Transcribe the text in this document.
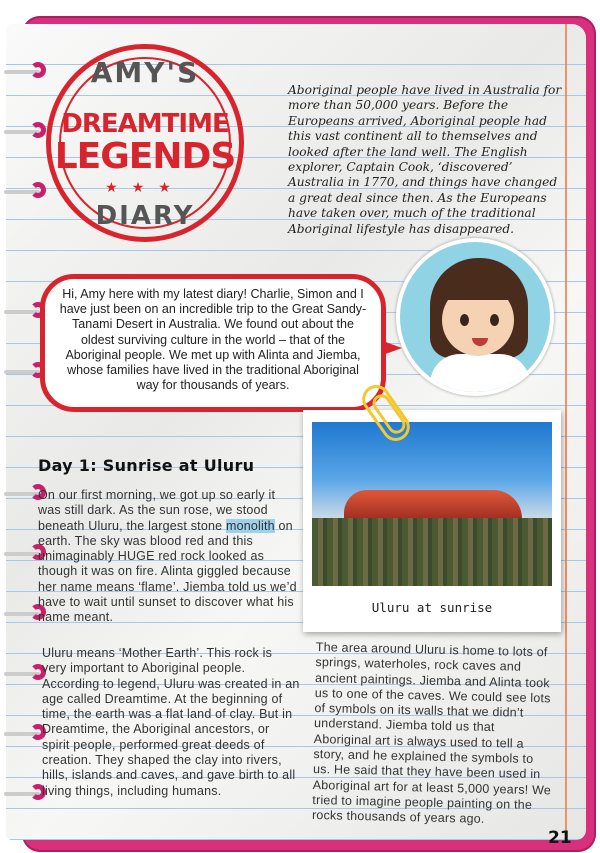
AMY'S
DREAMTIME
LEGENDS
★★★
DIARY
Aboriginal people have lived in Australia for more than 50,000 years. Before the Europeans arrived, Aboriginal people had this vast continent all to themselves and looked after the land well. The English explorer, Captain Cook, ‘discovered’ Australia in 1770, and things have changed a great deal since then. As the Europeans have taken over, much of the traditional Aboriginal lifestyle has disappeared.
Hi, Amy here with my latest diary! Charlie, Simon and I have just been on an incredible trip to the Great Sandy-Tanami Desert in Australia. We found out about the oldest surviving culture in the world – that of the Aboriginal people. We met up with Alinta and Jiemba, whose families have lived in the traditional Aboriginal way for thousands of years.
Uluru at sunrise
Day 1: Sunrise at Uluru
On our first morning, we got up so early it was still dark. As the sun rose, we stood beneath Uluru, the largest stone monolith on earth. The sky was blood red and this unimaginably HUGE red rock looked as though it was on fire. Alinta giggled because her name means ‘flame’. Jiemba told us we’d have to wait until sunset to discover what his name meant.
Uluru means ‘Mother Earth’. This rock is very important to Aboriginal people. According to legend, Uluru was created in an age called Dreamtime. At the beginning of time, the earth was a flat land of clay. But in Dreamtime, the Aboriginal ancestors, or spirit people, performed great deeds of creation. They shaped the clay into rivers, hills, islands and caves, and gave birth to all living things, including humans.
The area around Uluru is home to lots of springs, waterholes, rock caves and ancient paintings. Jiemba and Alinta took us to one of the caves. We could see lots of symbols on its walls that we didn’t understand. Jiemba told us that Aboriginal art is always used to tell a story, and he explained the symbols to us. He said that they have been used in Aboriginal art for at least 5,000 years! We tried to imagine people painting on the rocks thousands of years ago.
21
